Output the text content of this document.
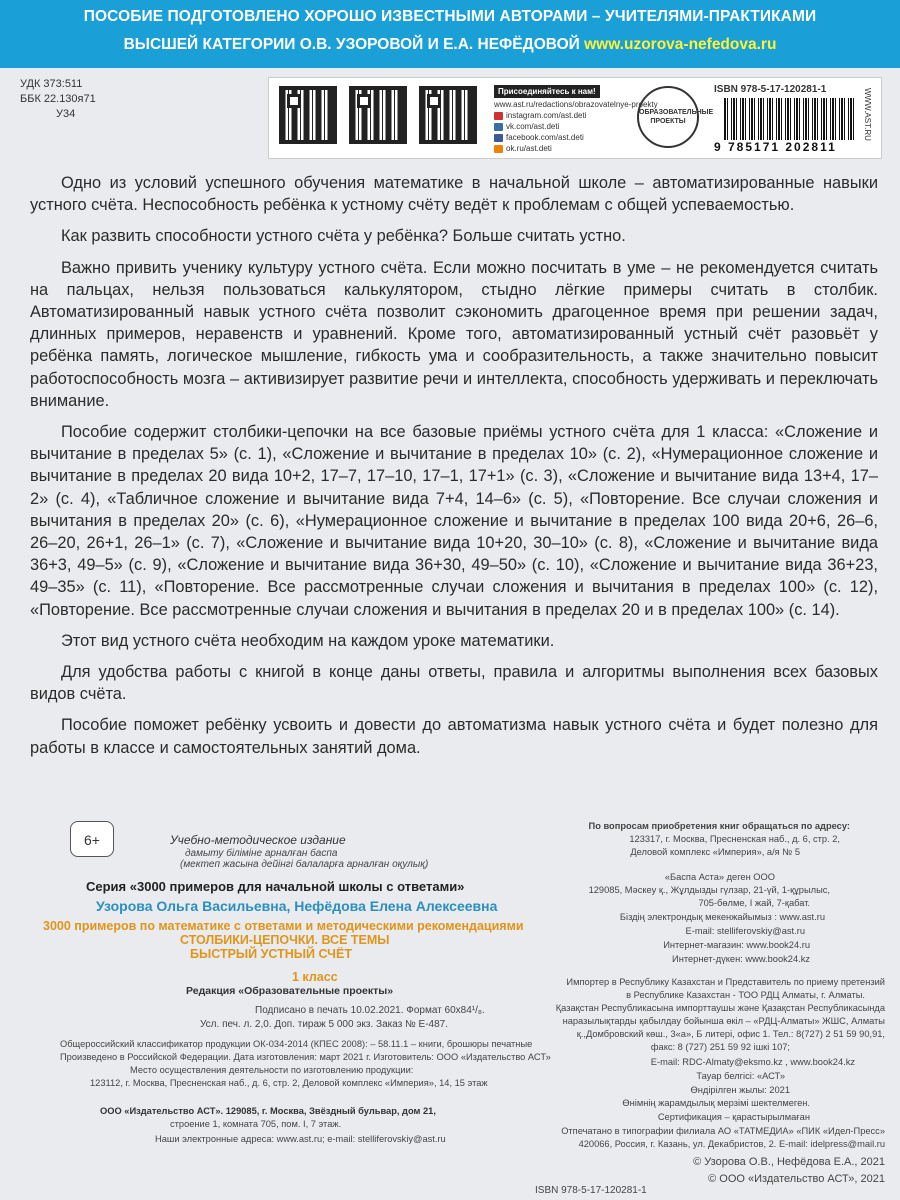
ПОСОБИЕ ПОДГОТОВЛЕНО ХОРОШО ИЗВЕСТНЫМИ АВТОРАМИ – УЧИТЕЛЯМИ-ПРАКТИКАМИ
ВЫСШЕЙ КАТЕГОРИИ О.В. УЗОРОВОЙ И Е.А. НЕФЁДОВОЙ www.uzorova-nefedova.ru
УДК 373:511
ББК 22.130я71
У34
Присоединяйтесь к нам!
www.ast.ru/redactions/obrazovatelnye-proekty
instagram.com/ast.deti
vk.com/ast.deti
facebook.com/ast.deti
ok.ru/ast.deti
ОБРАЗОВАТЕЛЬНЫЕ ПРОЕКТЫ
ISBN 978-5-17-120281-1
9 785171 202811
WWW.AST.RU

Одно из условий успешного обучения математике в начальной школе – автоматизированные навыки устного счёта. Неспособность ребёнка к устному счёту ведёт к проблемам с общей успеваемостью.

Как развить способности устного счёта у ребёнка? Больше считать устно.

Важно привить ученику культуру устного счёта. Если можно посчитать в уме – не рекомендуется считать на пальцах, нельзя пользоваться калькулятором, стыдно лёгкие примеры считать в столбик. Автоматизированный навык устного счёта позволит сэкономить драгоценное время при решении задач, длинных примеров, неравенств и уравнений. Кроме того, автоматизированный устный счёт разовьёт у ребёнка память, логическое мышление, гибкость ума и сообразительность, а также значительно повысит работоспособность мозга – активизирует развитие речи и интеллекта, способность удерживать и переключать внимание.

Пособие содержит столбики-цепочки на все базовые приёмы устного счёта для 1 класса: «Сложение и вычитание в пределах 5» (с. 1), «Сложение и вычитание в пределах 10» (с. 2), «Нумерационное сложение и вычитание в пределах 20 вида 10+2, 17–7, 17–10, 17–1, 17+1» (с. 3), «Сложение и вычитание вида 13+4, 17–2» (с. 4), «Табличное сложение и вычитание вида 7+4, 14–6» (с. 5), «Повторение. Все случаи сложения и вычитания в пределах 20» (с. 6), «Нумерационное сложение и вычитание в пределах 100 вида 20+6, 26–6, 26–20, 26+1, 26–1» (с. 7), «Сложение и вычитание вида 10+20, 30–10» (с. 8), «Сложение и вычитание вида 36+3, 49–5» (с. 9), «Сложение и вычитание вида 36+30, 49–50» (с. 10), «Сложение и вычитание вида 36+23, 49–35» (с. 11), «Повторение. Все рассмотренные случаи сложения и вычитания в пределах 100» (с. 12), «Повторение. Все рассмотренные случаи сложения и вычитания в пределах 20 и в пределах 100» (с. 14).

Этот вид устного счёта необходим на каждом уроке математики.

Для удобства работы с книгой в конце даны ответы, правила и алгоритмы выполнения всех базовых видов счёта.

Пособие поможет ребёнку усвоить и довести до автоматизма навык устного счёта и будет полезно для работы в классе и самостоятельных занятий дома.

6+	Учебно-методическое издание
дамыту біліміне арналған баспа
(мектеп жасына дейінгі балаларға арналған оқулық)
Серия «3000 примеров для начальной школы с ответами»
Узорова Ольга Васильевна, Нефёдова Елена Алексеевна
3000 примеров по математике с ответами и методическими рекомендациями
СТОЛБИКИ-ЦЕПОЧКИ. ВСЕ ТЕМЫ
БЫСТРЫЙ УСТНЫЙ СЧЁТ
1 класс
Редакция «Образовательные проекты»
Подписано в печать 10.02.2021. Формат 60x84¹/₈.
Усл. печ. л. 2,0. Доп. тираж 5 000 экз. Заказ № Е-487.
Общероссийский классификатор продукции ОК-034-2014 (КПЕС 2008): – 58.11.1 – книги, брошюры печатные
Произведено в Российской Федерации. Дата изготовления: март 2021 г. Изготовитель: ООО «Издательство АСТ»
Место осуществления деятельности по изготовлению продукции:
123112, г. Москва, Пресненская наб., д. 6, стр. 2, Деловой комплекс «Империя», 14, 15 этаж
ООО «Издательство АСТ». 129085, г. Москва, Звёздный бульвар, дом 21,
строение 1, комната 705, пом. I, 7 этаж.
Наши электронные адреса: www.ast.ru; e-mail: stelliferovskiy@ast.ru
По вопросам приобретения книг обращаться по адресу:
123317, г. Москва, Пресненская наб., д. 6, стр. 2,
Деловой комплекс «Империя», а/я № 5
«Баспа Аста» деген ООО
129085, Мәскеу қ., Жұлдызды гүлзар, 21-үй, 1-құрылыс,
705-бөлме, I жай, 7-қабат.
Біздің электрондық мекенжайымыз : www.ast.ru
E-mail: stelliferovskiy@ast.ru
Интернет-магазин: www.book24.ru
Интернет-дүкен: www.book24.kz
Импортер в Республику Казахстан и Представитель по приему претензий
в Республике Казахстан - ТОО РДЦ Алматы, г. Алматы.
Қазақстан Республикасына импорттаушы және Қазақстан Республикасында
наразылықтарды қабылдау бойынша өкіл – «РДЦ-Алматы» ЖШС, Алматы
қ.,Домбровский көш., 3«а», Б литері, офис 1. Тел.: 8(727) 2 51 59 90,91,
факс: 8 (727) 251 59 92 ішкі 107;
E-mail: RDC-Almaty@eksmo.kz , www.book24.kz
Тауар белгісі: «АСТ»
Өндірілген жылы: 2021
Өнімнің жарамдылық мерзімі шектелмеген.
Сертификация – қарастырылмаған
Отпечатано в типографии филиала АО «ТАТМЕДИА» «ПИК «Идел-Пресс»
420066, Россия, г. Казань, ул. Декабристов, 2. E-mail: idelpress@mail.ru
ISBN 978-5-17-120281-1
© Узорова О.В., Нефёдова Е.А., 2021
© ООО «Издательство АСТ», 2021
